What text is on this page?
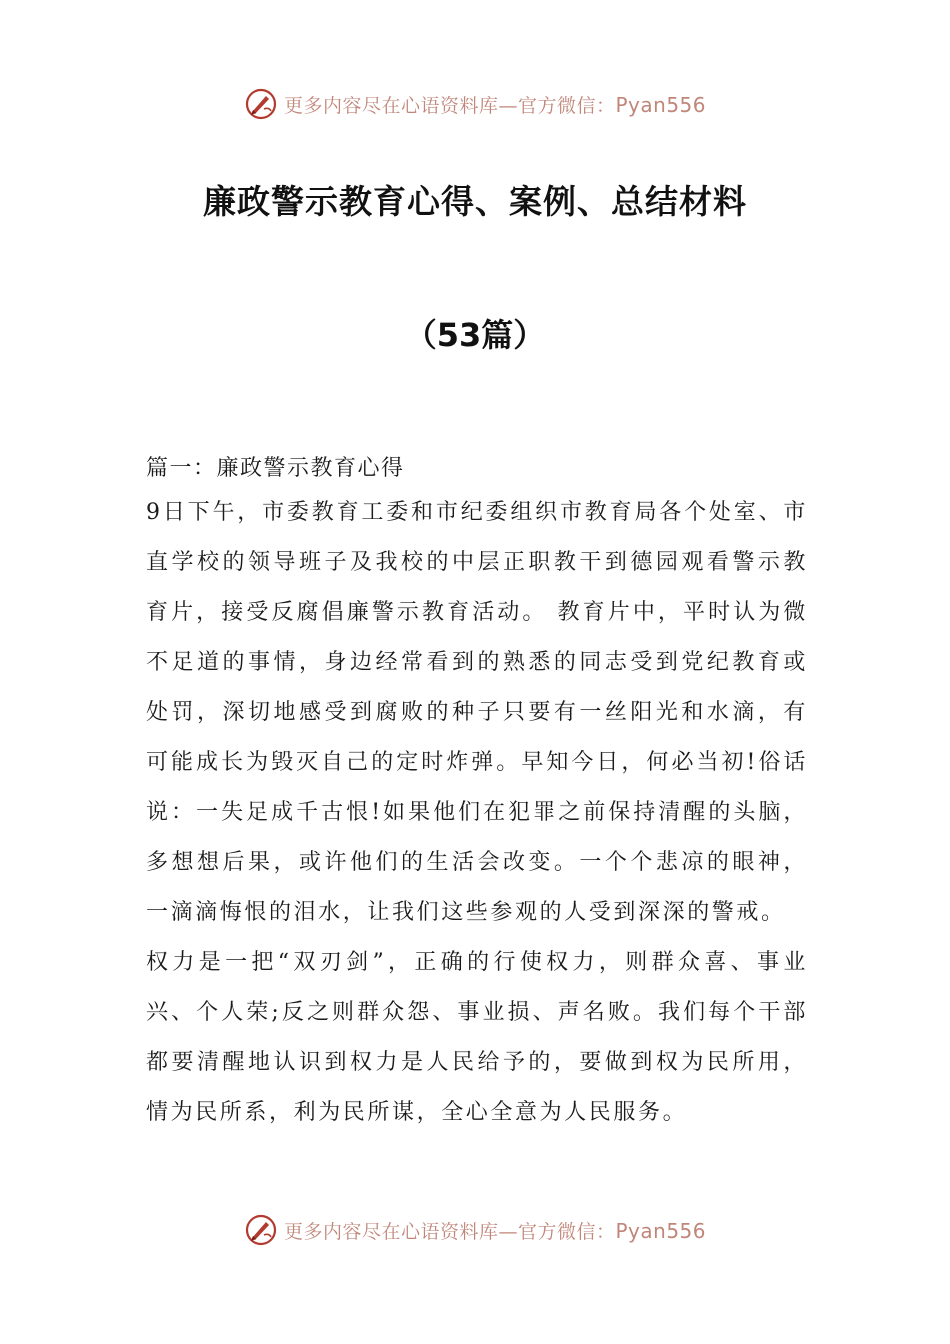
更多内容尽在心语资料库—官方微信：Pyan556
廉政警示教育心得、案例、总结材料
（53篇）

篇一：廉政警示教育心得

9日下午，市委教育工委和市纪委组织市教育局各个处室、市直学校的领导班子及我校的中层正职教干到德园观看警示教育片，接受反腐倡廉警示教育活动。 教育片中，平时认为微不足道的事情，身边经常看到的熟悉的同志受到党纪教育或处罚，深切地感受到腐败的种子只要有一丝阳光和水滴，有可能成长为毁灭自己的定时炸弹。早知今日，何必当初!俗话说：一失足成千古恨!如果他们在犯罪之前保持清醒的头脑，多想想后果，或许他们的生活会改变。一个个悲凉的眼神，一滴滴悔恨的泪水，让我们这些参观的人受到深深的警戒。

权力是一把“双刃剑”，正确的行使权力，则群众喜、事业兴、个人荣;反之则群众怨、事业损、声名败。我们每个干部都要清醒地认识到权力是人民给予的，要做到权为民所用，情为民所系，利为民所谋，全心全意为人民服务。

更多内容尽在心语资料库—官方微信：Pyan556
